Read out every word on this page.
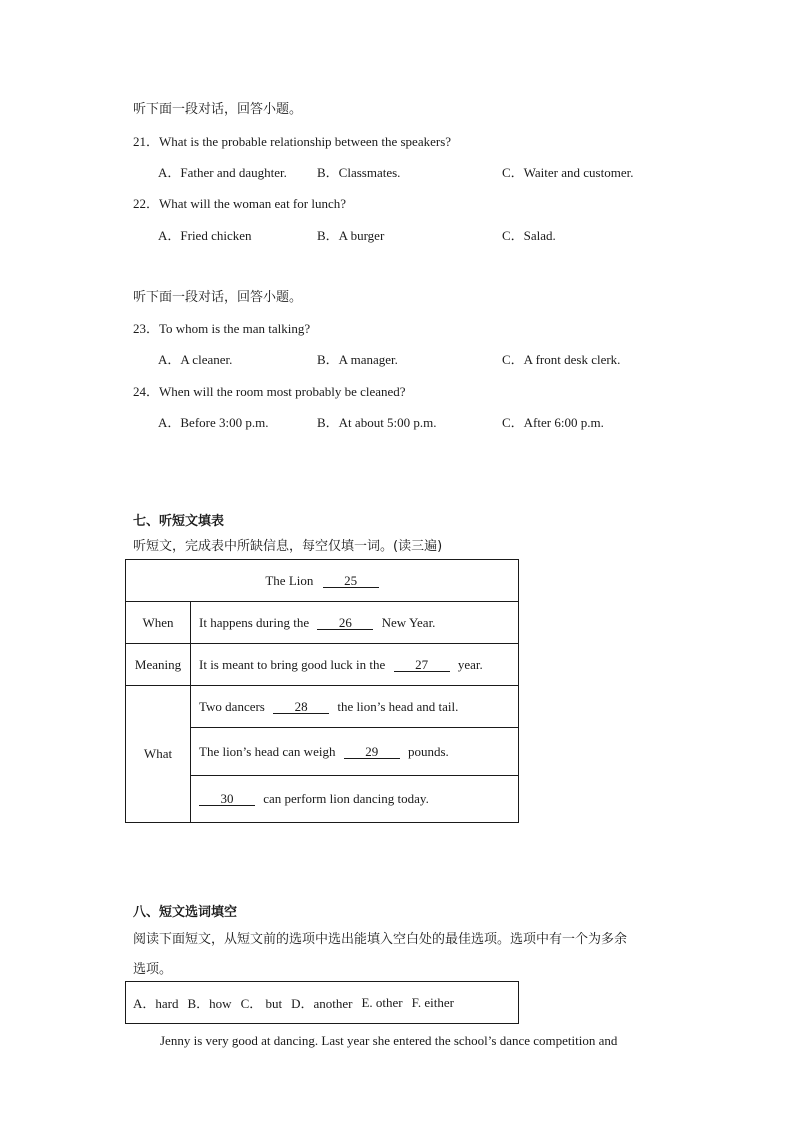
听下面一段对话，回答小题。
21．What is the probable relationship between the speakers?
A．Father and daughter. B．Classmates.	C．Waiter and customer.
22．What will the woman eat for lunch?
A．Fried chicken	B．A burger	C．Salad.
听下面一段对话，回答小题。
23．To whom is the man talking?
A．A cleaner.	B．A manager.	C．A front desk clerk.
24．When will the room most probably be cleaned?
A．Before 3:00 p.m.	B．At about 5:00 p.m.	C．After 6:00 p.m.
七、听短文填表
听短文，完成表中所缺信息，每空仅填一词。(读三遍)
The Lion 25	
When	It happens during the 26 New Year.
Meaning	It is meant to bring good luck in the 27 year.
What	Two dancers 28 the lion’s head and tail.
	The lion’s head can weigh 29 pounds.
	30 can perform lion dancing today.
八、短文选词填空
阅读下面短文，从短文前的选项中选出能填入空白处的最佳选项。选项中有一个为多余
选项。
A．hard B．how C． but D．another E. other F. either
Jenny is very good at dancing. Last year she entered the school’s dance competition and
